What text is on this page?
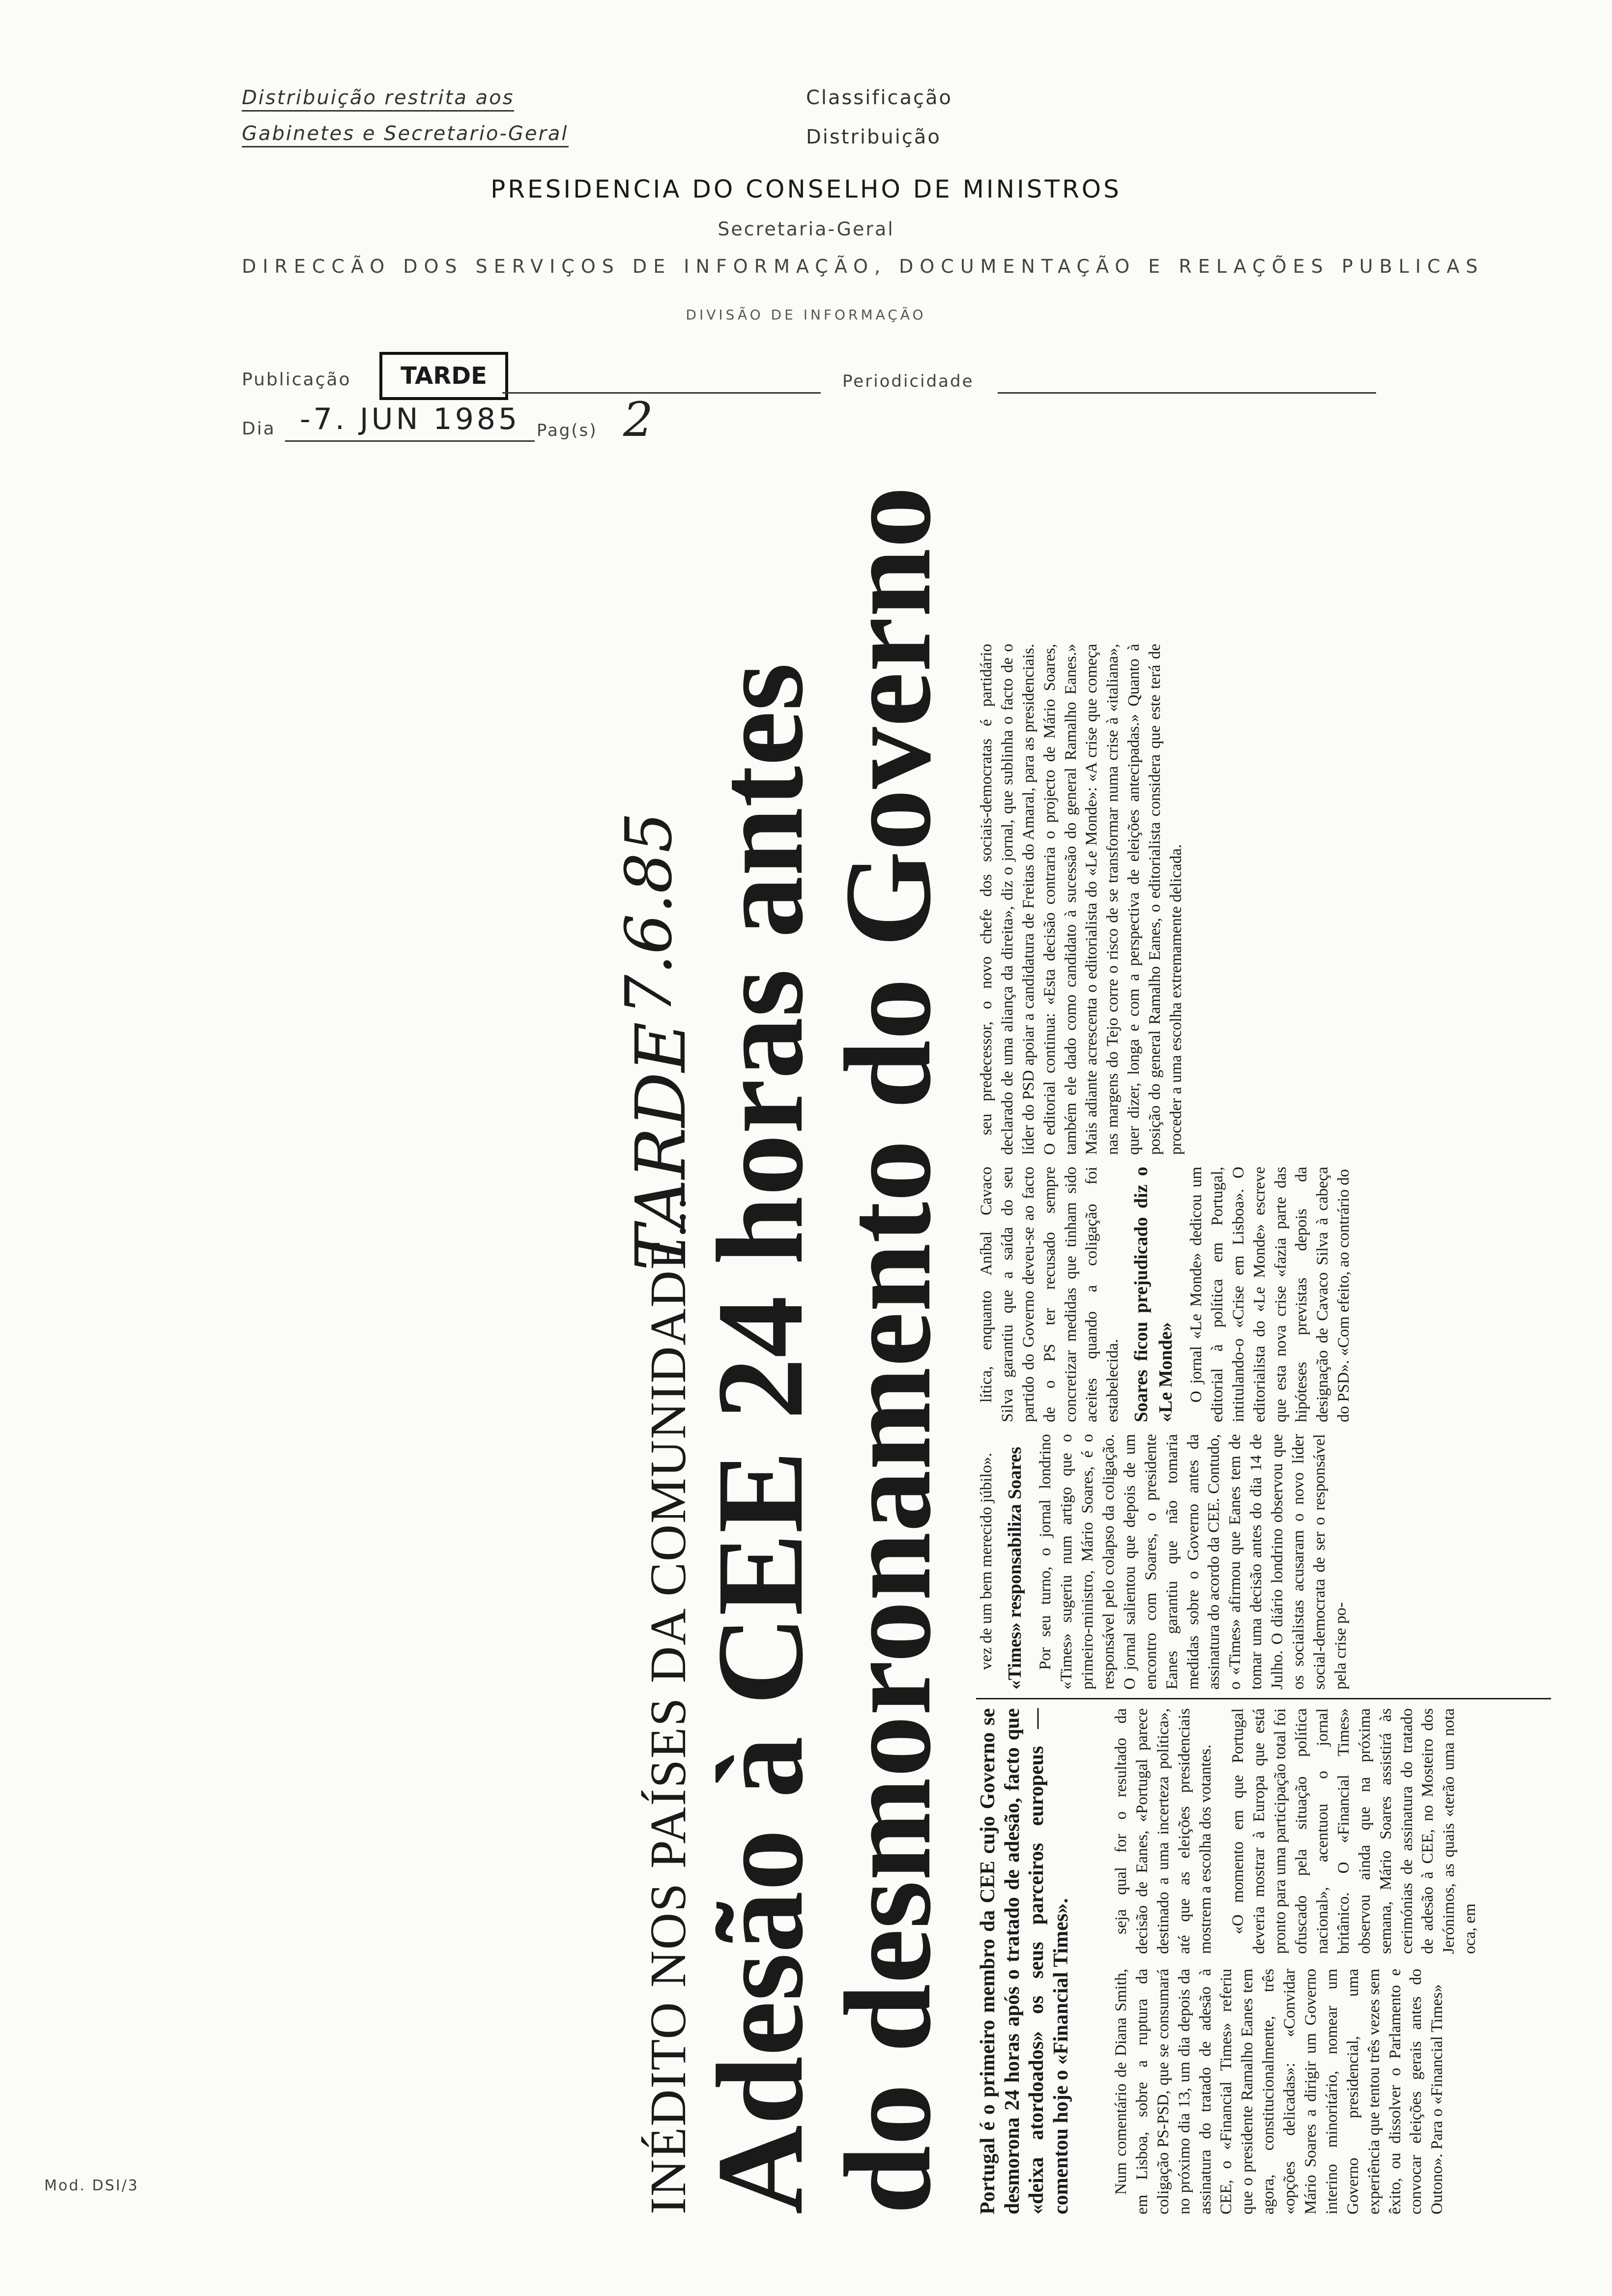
Distribuição restrita aos
Gabinetes e Secretario-Geral
Classificação
Distribuição
PRESIDENCIA DO CONSELHO DE MINISTROS
Secretaria-Geral
DIRECCÃO DOS SERVIÇOS DE INFORMAÇÃO, DOCUMENTAÇÃO E RELAÇÕES PUBLICAS
DIVISÃO DE INFORMAÇÃO
Publicação	TARDE	Periodicidade
Dia -7. JUN 1985 Pag(s) 2
Mod. DSI/3	INÉDITO NOS PAÍSES DA COMUNIDADE...
TARDE
7.6.85 Adesão à CEE 24 horas antes
do desmoronamento do Governo Portugal é o primeiro membro da CEE cujo Governo se desmorona 24 horas após o tratado de adesão, facto que «deixa atordoados» os seus parceiros europeus — comentou hoje o «Financial Times». Num comentário de Diana Smith, em Lisboa, sobre a ruptura da coligação PS-PSD, que se consumará no próximo dia 13, um dia depois da assinatura do tratado de adesão à CEE, o «Financial Times» referiu que o presidente Ramalho Eanes tem agora, constitucionalmente, três «opções delicadas»: «Convidar Mário Soares a dirigir um Governo interino minoritário, nomear um Governo presidencial, uma experiência que tentou três vezes sem êxito, ou dissolver o Parlamento e convocar eleições gerais antes do Outono». Para o «Financial Times»

seja qual for o resultado da decisão de Eanes, «Portugal parece destinado a uma incerteza política», até que as eleições presidenciais mostrem a escolha dos votantes. «O momento em que Portugal deveria mostrar à Europa que está pronto para uma participação total foi ofuscado pela situação política nacional», acentuou o jornal britânico. O «Financial Times» observou ainda que na próxima semana, Mário Soares assistirá às cerimónias de assinatura do tratado de adesão à CEE, no Mosteiro dos Jerónimos, as quais «terão uma nota oca, em

vez de um bem merecido júbilo». «Times» responsabiliza Soares Por seu turno, o jornal londrino «Times» sugeriu num artigo que o primeiro-ministro, Mário Soares, é o responsável pelo colapso da coligação. O jornal salientou que depois de um encontro com Soares, o presidente Eanes garantiu que não tomaria medidas sobre o Governo antes da assinatura do acordo da CEE. Contudo, o «Times» afirmou que Eanes tem de tomar uma decisão antes do dia 14 de Julho. O diário londrino observou que os socialistas acusaram o novo líder social-democrata de ser o responsável pela crise po-

lítica, enquanto Aníbal Cavaco Silva garantiu que a saída do seu partido do Governo deveu-se ao facto de o PS ter recusado sempre concretizar medidas que tinham sido aceites quando a coligação foi estabelecida. Soares ficou prejudicado diz o «Le Monde» O jornal «Le Monde» dedicou um editorial à política em Portugal, intitulando-o «Crise em Lisboa». O editorialista do «Le Monde» escreve que esta nova crise «fazia parte das hipóteses previstas depois da designação de Cavaco Silva à cabeça do PSD». «Com efeito, ao contrário do

seu predecessor, o novo chefe dos sociais-democratas é partidário declarado de uma aliança da direita», diz o jornal, que sublinha o facto de o líder do PSD apoiar a candidatura de Freitas do Amaral, para as presidenciais. O editorial continua: «Esta decisão contraria o projecto de Mário Soares, também ele dado como candidato à sucessão do general Ramalho Eanes.» Mais adiante acrescenta o editorialista do «Le Monde»: «A crise que começa nas margens do Tejo corre o risco de se transformar numa crise à «italiana», quer dizer, longa e com a perspectiva de eleições antecipadas.» Quanto à posição do general Ramalho Eanes, o editorialista considera que este terá de proceder a uma escolha extremamente delicada.
